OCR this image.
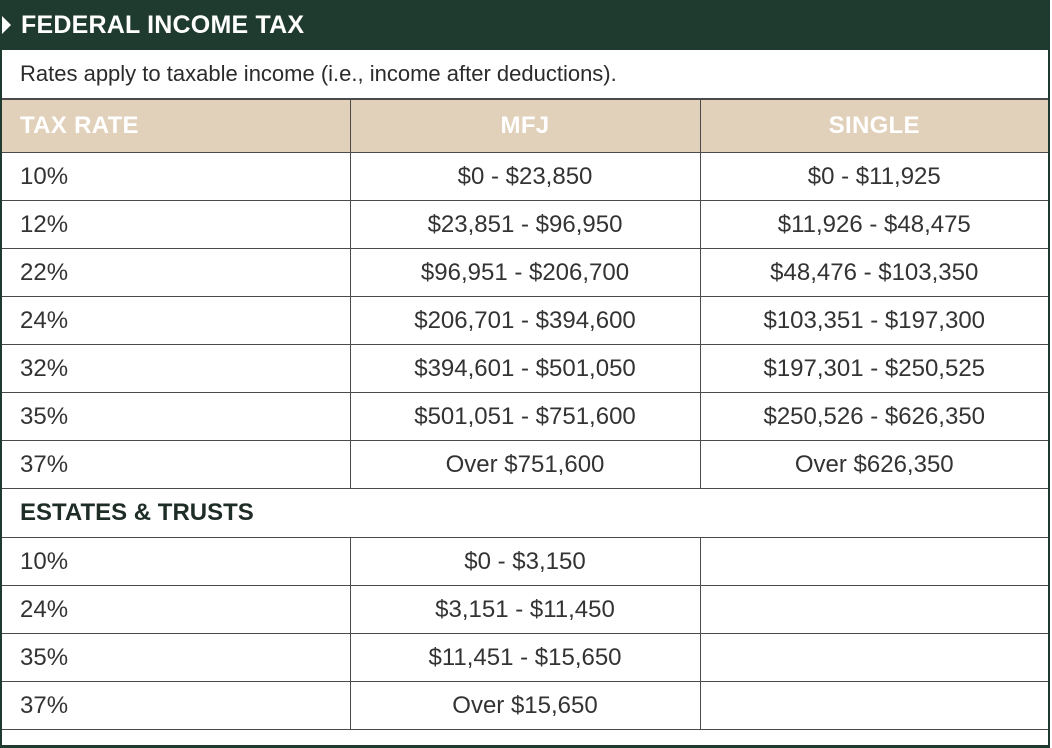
FEDERAL INCOME TAX
Rates apply to taxable income (i.e., income after deductions).
TAX RATE	MFJ	SINGLE
10%	$0 - $23,850	$0 - $11,925
12%	$23,851 - $96,950	$11,926 - $48,475
22%	$96,951 - $206,700	$48,476 - $103,350
24%	$206,701 - $394,600	$103,351 - $197,300
32%	$394,601 - $501,050	$197,301 - $250,525
35%	$501,051 - $751,600	$250,526 - $626,350
37%	Over $751,600	Over $626,350
ESTATES & TRUSTS		
10%	$0 - $3,150	
24%	$3,151 - $11,450	
35%	$11,451 - $15,650	
37%	Over $15,650	
